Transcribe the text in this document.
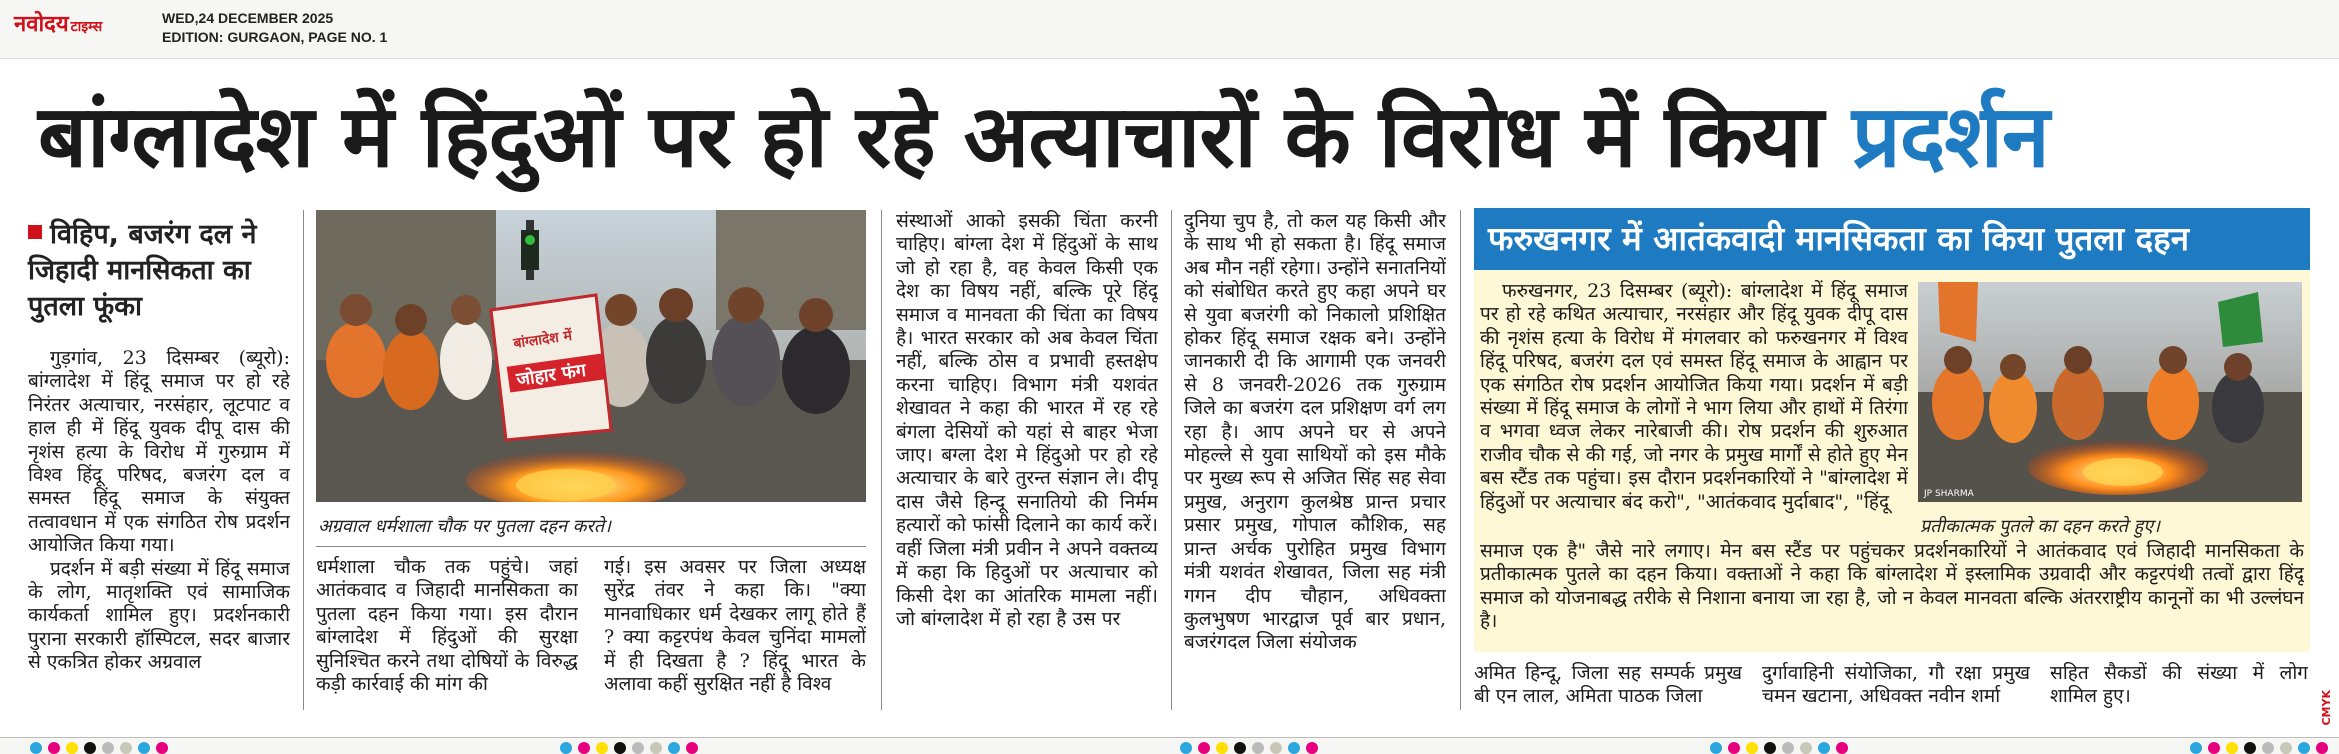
नवोदय टाइम्स
WED,24 DECEMBER 2025
EDITION: GURGAON, PAGE NO. 1
बांग्लादेश में हिंदुओं पर हो रहे अत्याचारों के विरोध में किया प्रदर्शन
विहिप, बजरंग दल ने जिहादी मानसिकता का पुतला फूंका

गुड़गांव, 23 दिसम्बर (ब्यूरो): बांग्लादेश में हिंदू समाज पर हो रहे निरंतर अत्याचार, नरसंहार, लूटपाट व हाल ही में हिंदू युवक दीपू दास की नृशंस हत्या के विरोध में गुरुग्राम में विश्व हिंदू परिषद, बजरंग दल व समस्त हिंदू समाज के संयुक्त तत्वावधान में एक संगठित रोष प्रदर्शन आयोजित किया गया।

प्रदर्शन में बड़ी संख्या में हिंदू समाज के लोग, मातृशक्ति एवं सामाजिक कार्यकर्ता शामिल हुए। प्रदर्शनकारी पुराना सरकारी हॉस्पिटल, सदर बाजार से एकत्रित होकर अग्रवाल

बांग्लादेश में
जोहार फंग
अग्रवाल धर्मशाला चौक पर पुतला दहन करते।

धर्मशाला चौक तक पहुंचे। जहां आतंकवाद व जिहादी मानसिकता का पुतला दहन किया गया। इस दौरान बांग्लादेश में हिंदुओं की सुरक्षा सुनिश्चित करने तथा दोषियों के विरुद्ध कड़ी कार्रवाई की मांग की

संस्थाओं आको इसकी चिंता करनी चाहिए। बांग्ला देश में हिंदुओं के साथ जो हो रहा है, वह केवल किसी एक देश का विषय नहीं, बल्कि पूरे हिंदू समाज व मानवता की चिंता का विषय है। भारत सरकार को अब केवल चिंता नहीं, बल्कि ठोस व प्रभावी हस्तक्षेप करना चाहिए। विभाग मंत्री यशवंत शेखावत ने कहा की भारत में रह रहे बंगला देसियों को यहां से बाहर भेजा जाए। बग्ला देश मे हिंदुओ पर हो रहे अत्याचार के बारे तुरन्त संज्ञान ले। दीपू दास जैसे हिन्दू सनातियो की निर्मम हत्यारों को फांसी दिलाने का कार्य करें। वहीं जिला मंत्री प्रवीन ने अपने वक्तव्य में कहा कि हिदुओं पर अत्याचार को किसी देश का आंतरिक मामला नहीं। जो बांग्लादेश में हो रहा है उस पर

गई। इस अवसर पर जिला अध्यक्ष सुरेंद्र तंवर ने कहा कि। "क्या मानवाधिकार धर्म देखकर लागू होते हैं ? क्या कट्टरपंथ केवल चुनिंदा मामलों में ही दिखता है ? हिंदू भारत के अलावा कहीं सुरक्षित नहीं है विश्व

दुनिया चुप है, तो कल यह किसी और के साथ भी हो सकता है। हिंदू समाज अब मौन नहीं रहेगा। उन्होंने सनातनियों को संबोधित करते हुए कहा अपने घर से युवा बजरंगी को निकालो प्रशिक्षित होकर हिंदू समाज रक्षक बने। उन्होंने जानकारी दी कि आगामी एक जनवरी से 8 जनवरी-2026 तक गुरुग्राम जिले का बजरंग दल प्रशिक्षण वर्ग लग रहा है। आप अपने घर से अपने मोहल्ले से युवा साथियों को इस मौके पर मुख्य रूप से अजित सिंह सह सेवा प्रमुख, अनुराग कुलश्रेष्ठ प्रान्त प्रचार प्रसार प्रमुख, गोपाल कौशिक, सह प्रान्त अर्चक पुरोहित प्रमुख विभाग मंत्री यशवंत शेखावत, जिला सह मंत्री गगन दीप चौहान, अधिवक्ता कुलभुषण भारद्वाज पूर्व बार प्रधान, बजरंगदल जिला संयोजक

फरुखनगर में आतंकवादी मानसिकता का किया पुतला दहन

फरुखनगर, 23 दिसम्बर (ब्यूरो): बांग्लादेश में हिंदू समाज पर हो रहे कथित अत्याचार, नरसंहार और हिंदू युवक दीपू दास की नृशंस हत्या के विरोध में मंगलवार को फरुखनगर में विश्व हिंदू परिषद, बजरंग दल एवं समस्त हिंदू समाज के आह्वान पर एक संगठित रोष प्रदर्शन आयोजित किया गया। प्रदर्शन में बड़ी संख्या में हिंदू समाज के लोगों ने भाग लिया और हाथों में तिरंगा व भगवा ध्वज लेकर नारेबाजी की। रोष प्रदर्शन की शुरुआत राजीव चौक से की गई, जो नगर के प्रमुख मार्गों से होते हुए मेन बस स्टैंड तक पहुंचा। इस दौरान प्रदर्शनकारियों ने "बांग्लादेश में हिंदुओं पर अत्याचार बंद करो", "आतंकवाद मुर्दाबाद", "हिंदू	JP SHARMA
प्रतीकात्मक पुतले का दहन करते हुए।

समाज एक है" जैसे नारे लगाए। मेन बस स्टैंड पर पहुंचकर प्रदर्शनकारियों ने आतंकवाद एवं जिहादी मानसिकता के प्रतीकात्मक पुतले का दहन किया। वक्ताओं ने कहा कि बांग्लादेश में इस्लामिक उग्रवादी और कट्टरपंथी तत्वों द्वारा हिंदू समाज को योजनाबद्ध तरीके से निशाना बनाया जा रहा है, जो न केवल मानवता बल्कि अंतरराष्ट्रीय कानूनों का भी उल्लंघन है।

अमित हिन्दू, जिला सह सम्पर्क प्रमुख बी एन लाल, अमिता पाठक जिला

दुर्गावाहिनी संयोजिका, गौ रक्षा प्रमुख चमन खटाना, अधिवक्त नवीन शर्मा

सहित सैकडों की संख्या में लोग शामिल हुए।	CMYK
